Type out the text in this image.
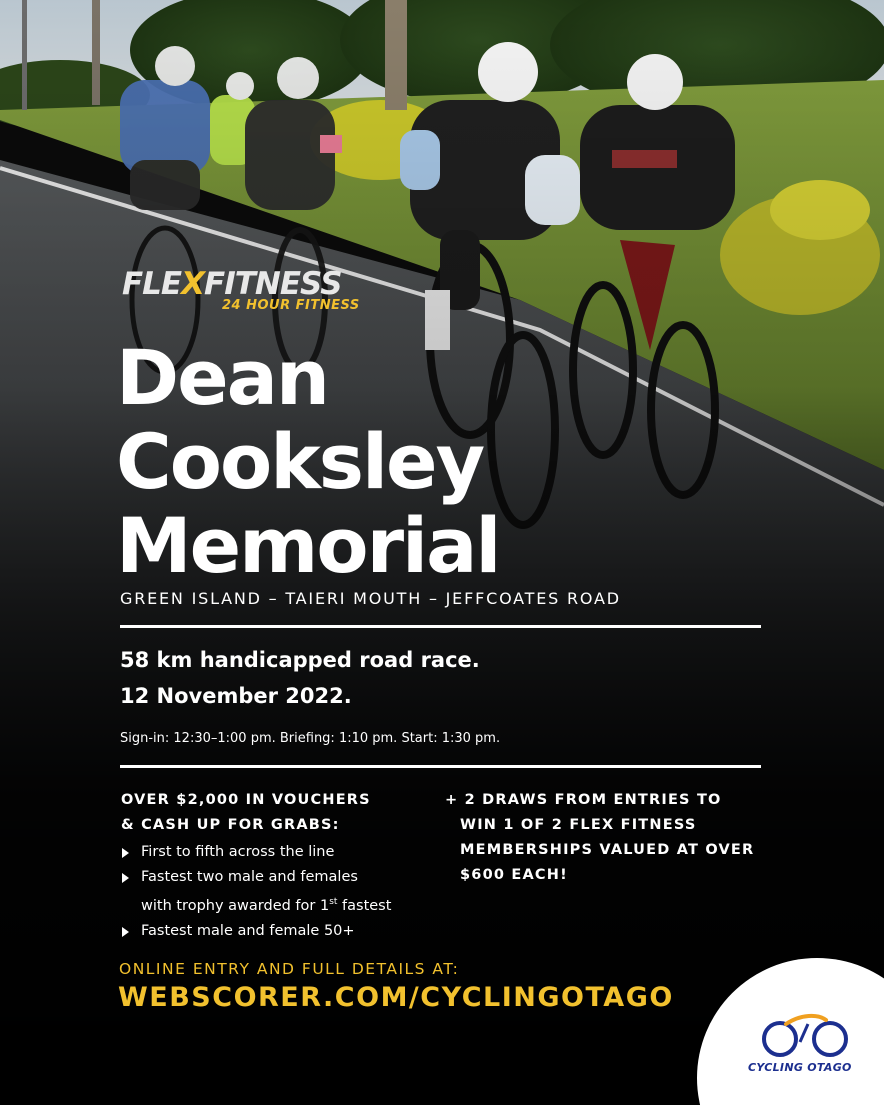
FLEXFITNESS
24 HOUR FITNESS
Dean
Cooksley
Memorial
GREEN ISLAND – TAIERI MOUTH – JEFFCOATES ROAD
58 km handicapped road race.
12 November 2022.
Sign-in: 12:30–1:00 pm. Briefing: 1:10 pm. Start: 1:30 pm.
OVER $2,000 IN VOUCHERS
& CASH UP FOR GRABS:
First to fifth across the line
Fastest two male and females
with trophy awarded for 1st fastest
Fastest male and female 50+
+ 2 DRAWS FROM ENTRIES TO
WIN 1 OF 2 FLEX FITNESS
MEMBERSHIPS VALUED AT OVER
$600 EACH!
ONLINE ENTRY AND FULL DETAILS AT:
WEBSCORER.COM/CYCLINGOTAGO
CYCLING OTAGO
